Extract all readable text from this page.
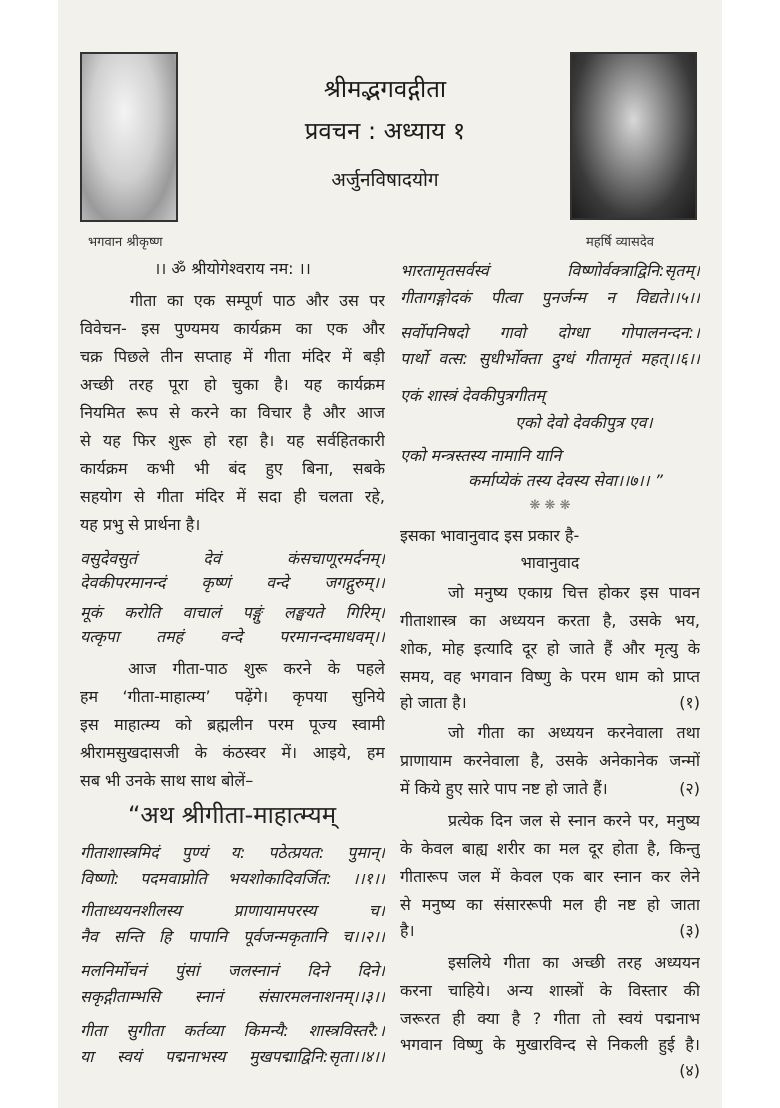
भगवान श्रीकृष्ण	महर्षि व्यासदेव
श्रीमद्भगवद्गीता
प्रवचन : अध्याय १
अर्जुनविषादयोग
।। ॐ श्रीयोगेश्वराय नम: ।।
गीता का एक सम्पूर्ण पाठ और उस पर
विवेचन- इस पुण्यमय कार्यक्रम का एक और
चक्र पिछले तीन सप्ताह में गीता मंदिर में बड़ी
अच्छी तरह पूरा हो चुका है। यह कार्यक्रम
नियमित रूप से करने का विचार है और आज
से यह फिर शुरू हो रहा है। यह सर्वहितकारी
कार्यक्रम कभी भी बंद हुए बिना, सबके
सहयोग से गीता मंदिर में सदा ही चलता रहे,
यह प्रभु से प्रार्थना है।
वसुदेवसुतं देवं कंसचाणूरमर्दनम्।
देवकीपरमानन्दं कृष्णं वन्दे जगद्गुरुम्।।
मूकं करोति वाचालं पङ्गुं लङ्घयते गिरिम्।
यत्कृपा तमहं वन्दे परमानन्दमाधवम्।।
आज गीता-पाठ शुरू करने के पहले
हम ‘गीता-माहात्म्य’ पढ़ेंगे। कृपया सुनिये
इस माहात्म्य को ब्रह्मलीन परम पूज्य स्वामी
श्रीरामसुखदासजी के कंठस्वर में। आइये, हम
सब भी उनके साथ साथ बोलें–
“अथ श्रीगीता-माहात्म्यम्
गीताशास्त्रमिदं पुण्यं य: पठेत्प्रयत: पुमान्।
विष्णो: पदमवाप्नोति भयशोकादिवर्जित: ।।१।।
गीताध्ययनशीलस्य प्राणायामपरस्य च।
नैव सन्ति हि पापानि पूर्वजन्मकृतानि च।।२।।
मलनिर्मोचनं पुंसां जलस्नानं दिने दिने।
सकृद्गीताम्भसि स्नानं संसारमलनाशनम्।।३।।
गीता सुगीता कर्तव्या किमन्यै: शास्त्रविस्तरै:।
या स्वयं पद्मनाभस्य मुखपद्माद्विनि:सृता।।४।।
भारतामृतसर्वस्वं विष्णोर्वक्त्राद्विनि:सृतम्।
गीतागङ्गोदकं पीत्वा पुनर्जन्म न विद्यते।।५।।
सर्वोपनिषदो गावो दोग्धा गोपालनन्दन:।
पार्थो वत्स: सुधीर्भोक्ता दुग्धं गीतामृतं महत्।।६।।
एकं शास्त्रं देवकीपुत्रगीतम्
एको देवो देवकीपुत्र एव।
एको मन्त्रस्तस्य नामानि यानि
कर्माप्येकं तस्य देवस्य सेवा।।७।। ”
❋ ❋ ❋
इसका भावानुवाद इस प्रकार है-
भावानुवाद
जो मनुष्य एकाग्र चित्त होकर इस पावन
गीताशास्त्र का अध्ययन करता है, उसके भय,
शोक, मोह इत्यादि दूर हो जाते हैं और मृत्यु के
समय, वह भगवान विष्णु के परम धाम को प्राप्त
हो जाता है।	(१)
जो गीता का अध्ययन करनेवाला तथा
प्राणायाम करनेवाला है, उसके अनेकानेक जन्मों
में किये हुए सारे पाप नष्ट हो जाते हैं।	(२)
प्रत्येक दिन जल से स्नान करने पर, मनुष्य
के केवल बाह्य शरीर का मल दूर होता है, किन्तु
गीतारूप जल में केवल एक बार स्नान कर लेने
से मनुष्य का संसाररूपी मल ही नष्ट हो जाता
है।	(३)
इसलिये गीता का अच्छी तरह अध्ययन
करना चाहिये। अन्य शास्त्रों के विस्तार की
जरूरत ही क्या है ? गीता तो स्वयं पद्मनाभ
भगवान विष्णु के मुखारविन्द से निकली हुई है।
(४)
